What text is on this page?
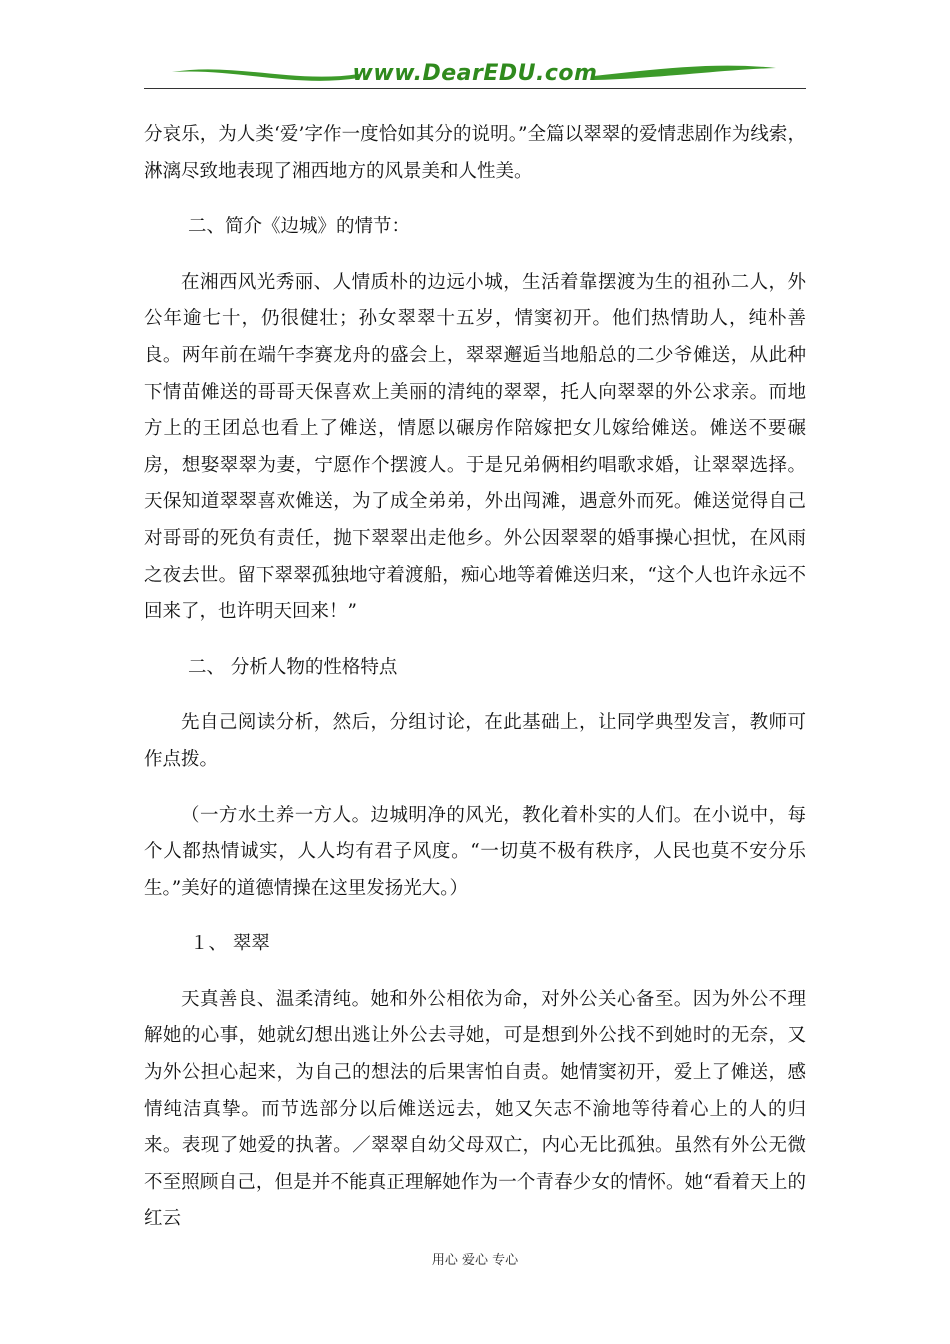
www.DearEDU.com

分哀乐，为人类‘爱’字作一度恰如其分的说明。”全篇以翠翠的爱情悲剧作为线索，淋漓尽致地表现了湘西地方的风景美和人性美。

二、简介《边城》的情节：

在湘西风光秀丽、人情质朴的边远小城，生活着靠摆渡为生的祖孙二人，外公年逾七十，仍很健壮；孙女翠翠十五岁，情窦初开。他们热情助人，纯朴善良。两年前在端午李赛龙舟的盛会上，翠翠邂逅当地船总的二少爷傩送，从此种下情苗傩送的哥哥天保喜欢上美丽的清纯的翠翠，托人向翠翠的外公求亲。而地方上的王团总也看上了傩送，情愿以碾房作陪嫁把女儿嫁给傩送。傩送不要碾房，想娶翠翠为妻，宁愿作个摆渡人。于是兄弟俩相约唱歌求婚，让翠翠选择。天保知道翠翠喜欢傩送，为了成全弟弟，外出闯滩，遇意外而死。傩送觉得自己对哥哥的死负有责任，抛下翠翠出走他乡。外公因翠翠的婚事操心担忧，在风雨之夜去世。留下翠翠孤独地守着渡船，痴心地等着傩送归来，“这个人也许永远不回来了，也许明天回来！”

二、 分析人物的性格特点

先自己阅读分析，然后，分组讨论，在此基础上，让同学典型发言，教师可作点拨。

（一方水土养一方人。边城明净的风光，教化着朴实的人们。在小说中，每个人都热情诚实，人人均有君子风度。“一切莫不极有秩序，人民也莫不安分乐生。”美好的道德情操在这里发扬光大。）

１、 翠翠

天真善良、温柔清纯。她和外公相依为命，对外公关心备至。因为外公不理解她的心事，她就幻想出逃让外公去寻她，可是想到外公找不到她时的无奈，又为外公担心起来，为自己的想法的后果害怕自责。她情窦初开，爱上了傩送，感情纯洁真挚。而节选部分以后傩送远去，她又矢志不渝地等待着心上的人的归来。表现了她爱的执著。／翠翠自幼父母双亡，内心无比孤独。虽然有外公无微不至照顾自己，但是并不能真正理解她作为一个青春少女的情怀。她“看着天上的红云

用心 爱心 专心
